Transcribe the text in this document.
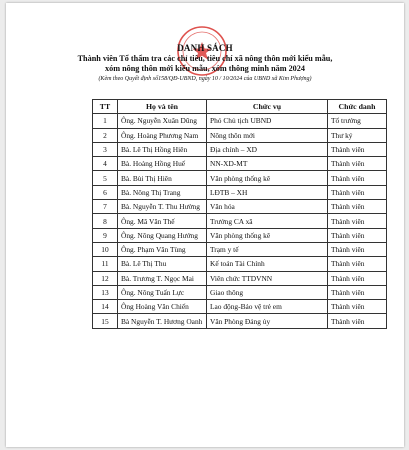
DANH SÁCH
Thành viên Tổ thẩm tra các chỉ tiêu, tiêu chí xã nông thôn mới kiểu mẫu,
xóm nông thôn mới kiểu mẫu, xóm thông minh năm 2024
(Kèm theo Quyết định số158/QĐ-UBND, ngày 10 / 10/2024 của UBND xã Kim Phượng)
TT	Họ và tên	Chức vụ	Chức danh
1	Ông. Nguyễn Xuân Dũng	Phó Chủ tịch UBND	Tổ trưởng
2	Ông. Hoàng Phương Nam	Nông thôn mới	Thư ký
3	Bà. Lê Thị Hồng Hiên	Địa chính – XD	Thành viên
4	Bà. Hoàng Hồng Huế	NN-XD-MT	Thành viên
5	Bà. Bùi Thị Hiên	Văn phòng thống kê	Thành viên
6	Bà. Nông Thị Trang	LĐTB – XH	Thành viên
7	Bà. Nguyễn T. Thu Hường	Văn hóa	Thành viên
8	Ông. Mã Văn Thế	Trưởng CA xã	Thành viên
9	Ông. Nông Quang Hướng	Văn phòng thống kê	Thành viên
10	Ông. Phạm Văn Tùng	Trạm y tế	Thành viên
11	Bà. Lê Thị Thu	Kế toán Tài Chính	Thành viên
12	Bà. Trương T. Ngọc Mai	Viên chức TTDVNN	Thành viên
13	Ông. Nông Tuấn Lực	Giao thông	Thành viên
14	Ông Hoàng Văn Chiến	Lao động-Bảo vệ trẻ em	Thành viên
15	Bà Nguyễn T. Hương Oanh	Văn Phòng Đảng ủy	Thành viên
